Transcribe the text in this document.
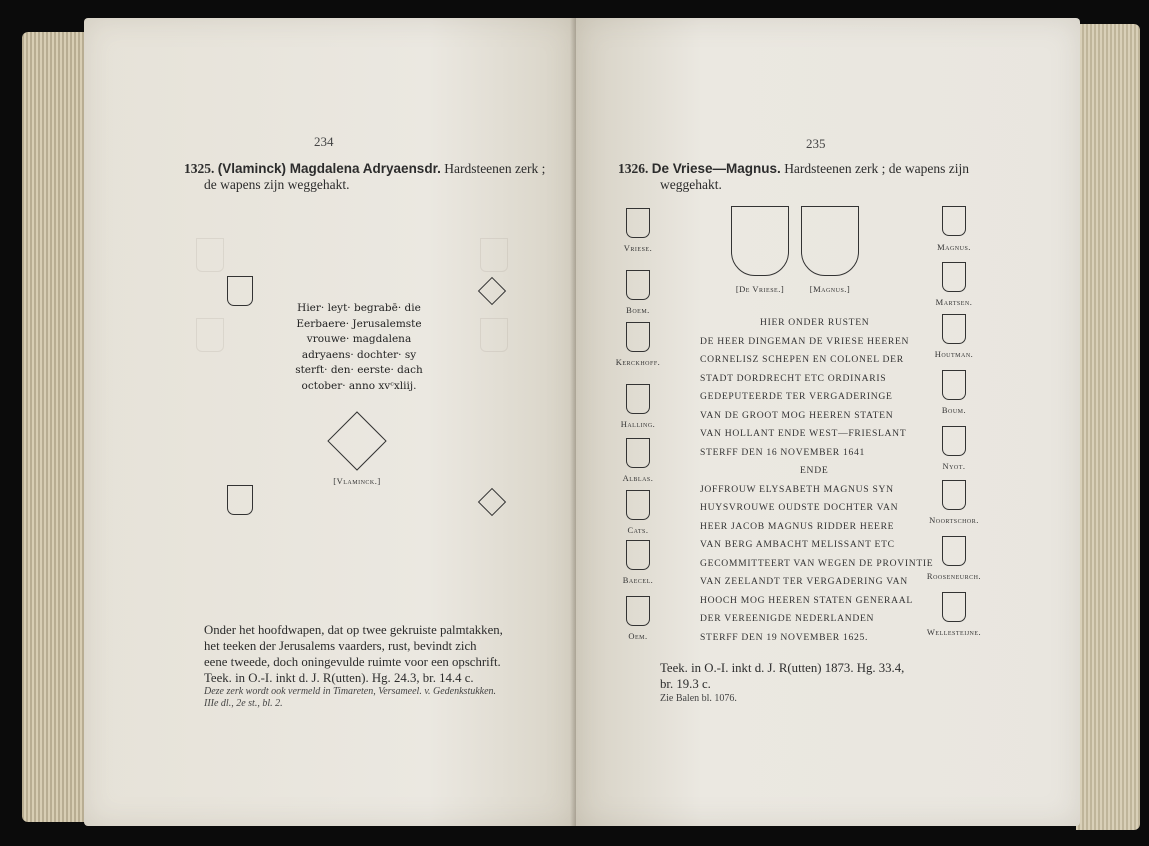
234
1325. (Vlaminck) Magdalena Adryaensdr. Hardsteenen zerk ;
de wapens zijn weggehakt.
Hier· leyt· begrabē· die
Eerbaere· Jerusalemste
vrouwe· magdalena
adryaens· dochter· sy
sterft· den· eerste· dach
october· anno xvᶜxliij.
[Vlaminck.]
Onder het hoofdwapen, dat op twee gekruiste palmtakken,
het teeken der Jerusalems vaarders, rust, bevindt zich
eene tweede, doch oningevulde ruimte voor een opschrift.
Teek. in O.-I. inkt d. J. R(utten). Hg. 24.3, br. 14.4 c.
Deze zerk wordt ook vermeld in Timareten, Versameel. v. Gedenkstukken.
IIIe dl., 2e st., bl. 2.
235
1326. De Vriese—Magnus. Hardsteenen zerk ; de wapens zijn
weggehakt.
Vriese.
Boem.
Kerckhoff.
Halling.
Alblas.
Cats.
Baecel.
Oem.
[De Vriese.]	[Magnus.]
HIER ONDER RUSTEN
DE HEER DINGEMAN DE VRIESE HEEREN
CORNELISZ SCHEPEN EN COLONEL DER
STADT DORDRECHT ETC ORDINARIS
GEDEPUTEERDE TER VERGADERINGE
VAN DE GROOT MOG HEEREN STATEN
VAN HOLLANT ENDE WEST—FRIESLANT
STERFF DEN 16 NOVEMBER 1641
ENDE
JOFFROUW ELYSABETH MAGNUS SYN
HUYSVROUWE OUDSTE DOCHTER VAN
HEER JACOB MAGNUS RIDDER HEERE
VAN BERG AMBACHT MELISSANT ETC
GECOMMITTEERT VAN WEGEN DE PROVINTIE
VAN ZEELANDT TER VERGADERING VAN
HOOCH MOG HEEREN STATEN GENERAAL
DER VEREENIGDE NEDERLANDEN
STERFF DEN 19 NOVEMBER 1625.
Magnus.
Martsen.
Houtman.
Boum.
Nyot.
Noortschor.
Rooseneurch.
Wellesteijne.
Teek. in O.-I. inkt d. J. R(utten) 1873. Hg. 33.4,
br. 19.3 c.
Zie Balen bl. 1076.
